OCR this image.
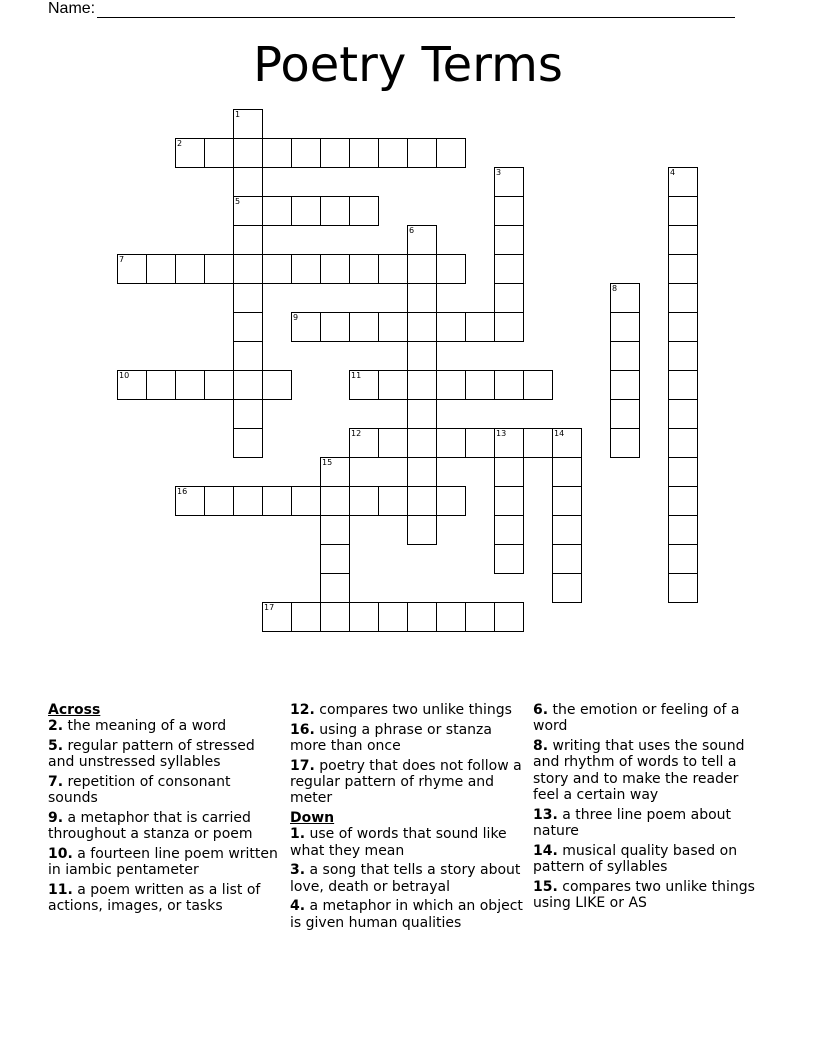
Name:
Poetry Terms
2
5
7
9
10	11
12	13	14
16
17
1
3	4
6
8
15
Across
2. the meaning of a word
5. regular pattern of stressed and unstressed syllables
7. repetition of consonant sounds
9. a metaphor that is carried throughout a stanza or poem
10. a fourteen line poem written in iambic pentameter
11. a poem written as a list of actions, images, or tasks
12. compares two unlike things
16. using a phrase or stanza more than once
17. poetry that does not follow a regular pattern of rhyme and meter
Down
1. use of words that sound like what they mean
3. a song that tells a story about love, death or betrayal
4. a metaphor in which an object is given human qualities
6. the emotion or feeling of a word
8. writing that uses the sound and rhythm of words to tell a story and to make the reader feel a certain way
13. a three line poem about nature
14. musical quality based on pattern of syllables
15. compares two unlike things using LIKE or AS
